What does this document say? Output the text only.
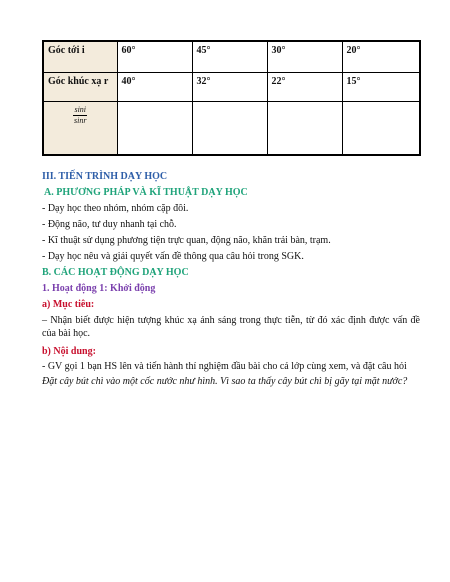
Góc tới i	60°	45°	30°	20°
Góc khúc xạ r	40°	32°	22°	15°

$\frac{\sin i}{\sin r}$

III. TIẾN TRÌNH DẠY HỌC
A. PHƯƠNG PHÁP VÀ KĨ THUẬT DẠY HỌC
- Dạy học theo nhóm, nhóm cặp đôi.
- Động não, tư duy nhanh tại chỗ.
- Kĩ thuật sử dụng phương tiện trực quan, động não, khăn trải bàn, trạm.
- Dạy học nêu và giải quyết vấn đề thông qua câu hỏi trong SGK.
B. CÁC HOẠT ĐỘNG DẠY HỌC
1. Hoạt động 1: Khởi động
a) Mục tiêu:
– Nhận biết được hiện tượng khúc xạ ánh sáng trong thực tiễn, từ đó xác định được vấn đề của bài học.
b) Nội dung:
- GV gọi 1 bạn HS lên và tiến hành thí nghiệm đầu bài cho cả lớp cùng xem, và đặt câu hỏi
Đặt cây bút chì vào một cốc nước như hình. Vì sao ta thấy cây bút chì bị gãy tại mặt nước?
